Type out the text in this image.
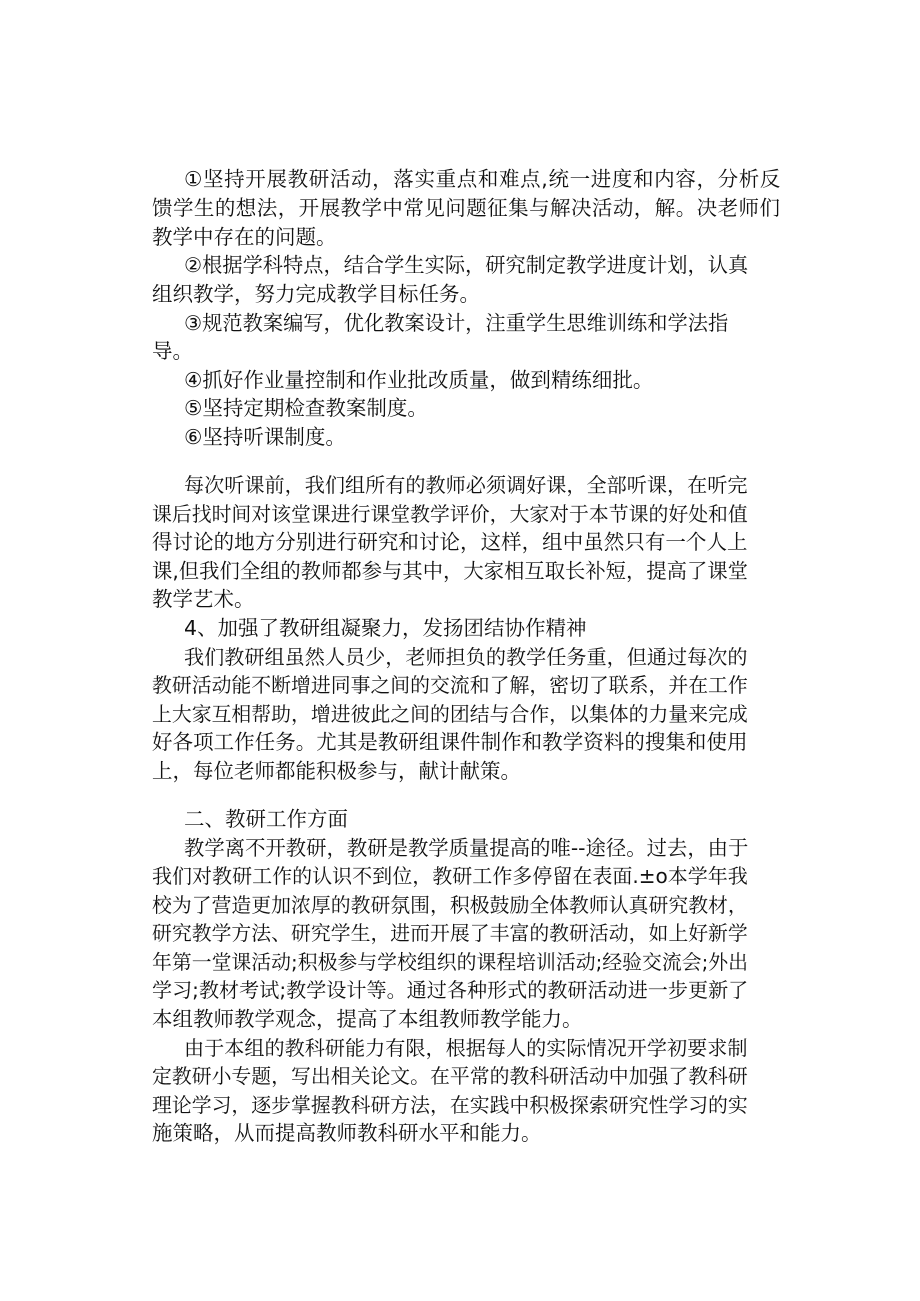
①坚持开展教研活动，落实重点和难点,统一进度和内容，分析反

馈学生的想法，开展教学中常见问题征集与解决活动，解。决老师们

教学中存在的问题。

②根据学科特点，结合学生实际，研究制定教学进度计划，认真

组织教学，努力完成教学目标任务。

③规范教案编写，优化教案设计，注重学生思维训练和学法指

导。

④抓好作业量控制和作业批改质量，做到精练细批。

⑤坚持定期检查教案制度。

⑥坚持听课制度。

每次听课前，我们组所有的教师必须调好课，全部听课，在听完

课后找时间对该堂课进行课堂教学评价，大家对于本节课的好处和值

得讨论的地方分别进行研究和讨论，这样，组中虽然只有一个人上

课,但我们全组的教师都参与其中，大家相互取长补短，提高了课堂

教学艺术。

4、加强了教研组凝聚力，发扬团结协作精神

我们教研组虽然人员少，老师担负的教学任务重，但通过每次的

教研活动能不断增进同事之间的交流和了解，密切了联系，并在工作

上大家互相帮助，增进彼此之间的团结与合作，以集体的力量来完成

好各项工作任务。尤其是教研组课件制作和教学资料的搜集和使用

上，每位老师都能积极参与，献计献策。

二、教研工作方面

教学离不开教研，教研是教学质量提高的唯--途径。过去，由于

我们对教研工作的认识不到位，教研工作多停留在表面.±o本学年我

校为了营造更加浓厚的教研氛围，积极鼓励全体教师认真研究教材，

研究教学方法、研究学生，进而开展了丰富的教研活动，如上好新学

年第一堂课活动;积极参与学校组织的课程培训活动;经验交流会;外出

学习;教材考试;教学设计等。通过各种形式的教研活动进一步更新了

本组教师教学观念，提高了本组教师教学能力。

由于本组的教科研能力有限，根据每人的实际情况开学初要求制

定教研小专题，写出相关论文。在平常的教科研活动中加强了教科研

理论学习，逐步掌握教科研方法，在实践中积极探索研究性学习的实

施策略，从而提高教师教科研水平和能力。
